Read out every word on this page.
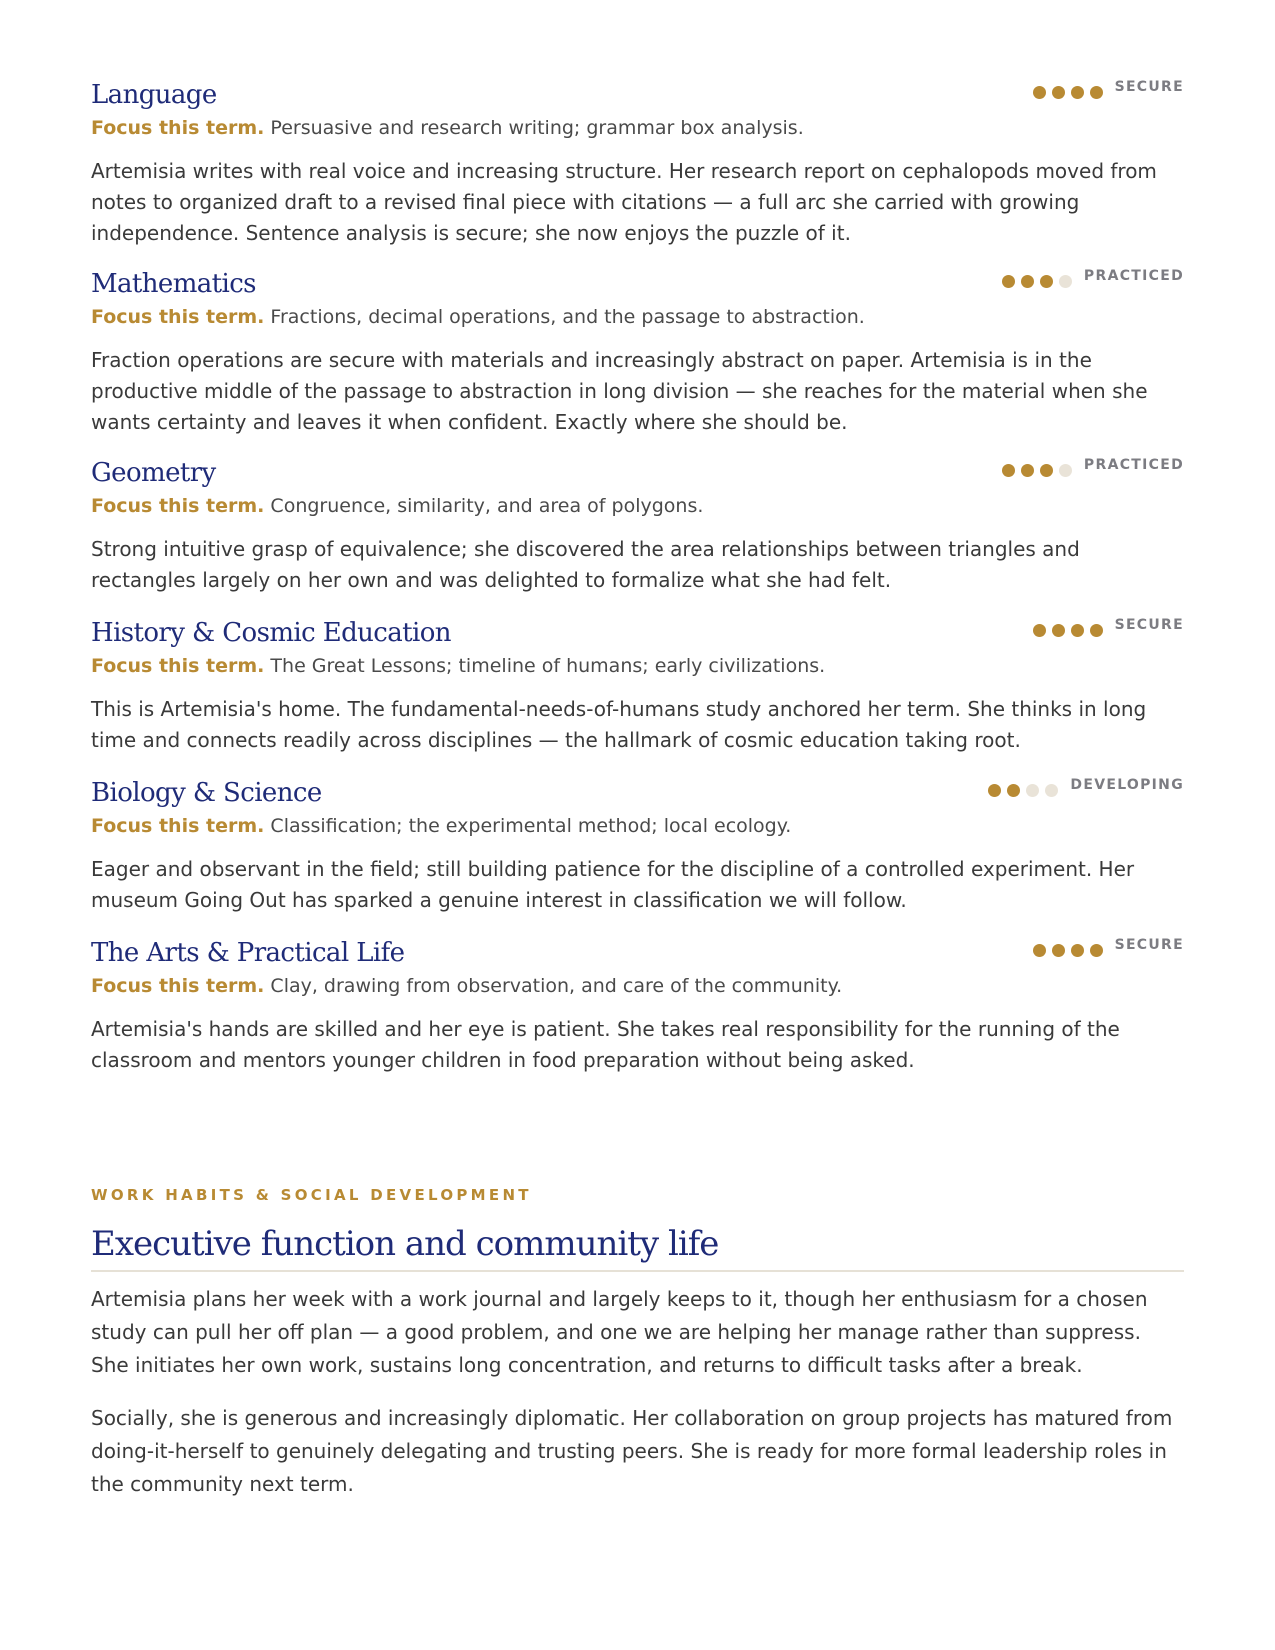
Language	SECURE
Focus this term. Persuasive and research writing; grammar box analysis.
Artemisia writes with real voice and increasing structure. Her research report on cephalopods moved from notes to organized draft to a revised final piece with citations — a full arc she carried with growing independence. Sentence analysis is secure; she now enjoys the puzzle of it.
Mathematics	PRACTICED
Focus this term. Fractions, decimal operations, and the passage to abstraction.
Fraction operations are secure with materials and increasingly abstract on paper. Artemisia is in the productive middle of the passage to abstraction in long division — she reaches for the material when she wants certainty and leaves it when confident. Exactly where she should be.
Geometry	PRACTICED
Focus this term. Congruence, similarity, and area of polygons.
Strong intuitive grasp of equivalence; she discovered the area relationships between triangles and rectangles largely on her own and was delighted to formalize what she had felt.
History & Cosmic Education	SECURE
Focus this term. The Great Lessons; timeline of humans; early civilizations.
This is Artemisia's home. The fundamental-needs-of-humans study anchored her term. She thinks in long time and connects readily across disciplines — the hallmark of cosmic education taking root.
Biology & Science	DEVELOPING
Focus this term. Classification; the experimental method; local ecology.
Eager and observant in the field; still building patience for the discipline of a controlled experiment. Her museum Going Out has sparked a genuine interest in classification we will follow.
The Arts & Practical Life	SECURE
Focus this term. Clay, drawing from observation, and care of the community.
Artemisia's hands are skilled and her eye is patient. She takes real responsibility for the running of the classroom and mentors younger children in food preparation without being asked.
WORK HABITS & SOCIAL DEVELOPMENT
Executive function and community life
Artemisia plans her week with a work journal and largely keeps to it, though her enthusiasm for a chosen study can pull her off plan — a good problem, and one we are helping her manage rather than suppress. She initiates her own work, sustains long concentration, and returns to difficult tasks after a break.
Socially, she is generous and increasingly diplomatic. Her collaboration on group projects has matured from doing-it-herself to genuinely delegating and trusting peers. She is ready for more formal leadership roles in the community next term.
